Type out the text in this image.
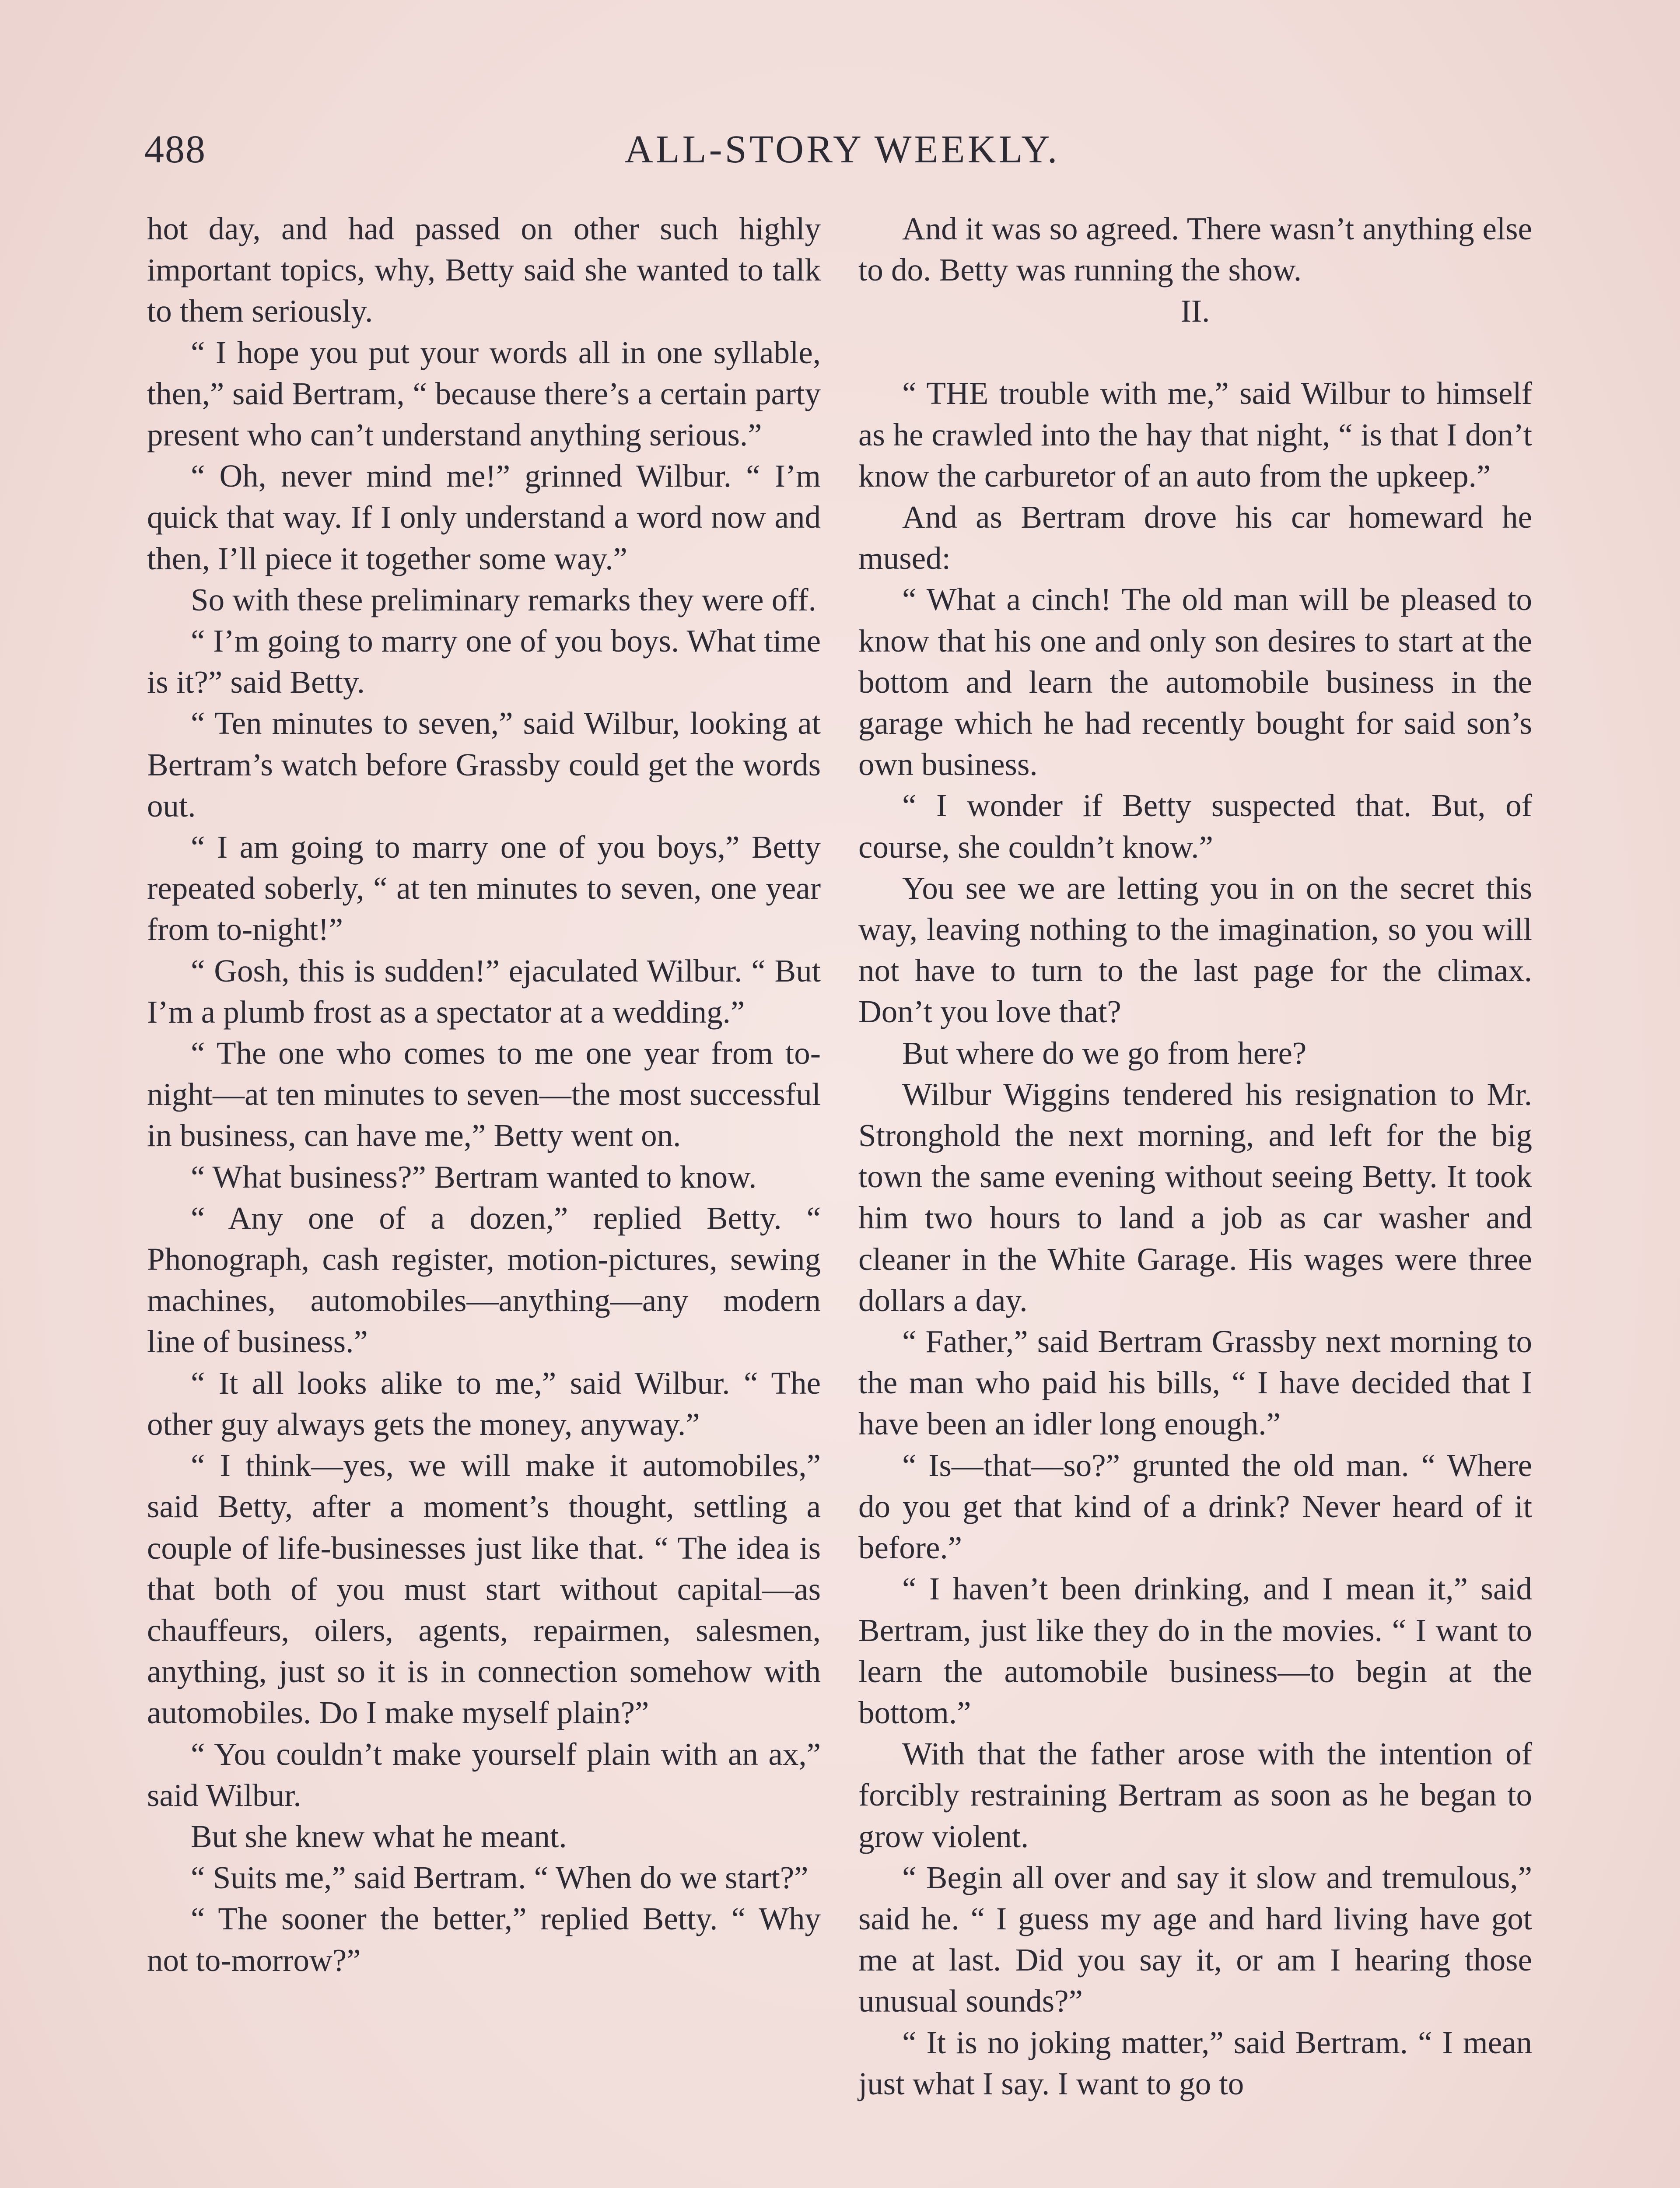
488	ALL-STORY WEEKLY.

hot day, and had passed on other such highly important topics, why, Betty said she wanted to talk to them seriously.

“ I hope you put your words all in one syllable, then,” said Bertram, “ because there’s a certain party present who can’t understand anything serious.”

“ Oh, never mind me!” grinned Wilbur. “ I’m quick that way. If I only understand a word now and then, I’ll piece it together some way.”

So with these preliminary remarks they were off.

“ I’m going to marry one of you boys. What time is it?” said Betty.

“ Ten minutes to seven,” said Wilbur, looking at Bertram’s watch before Grassby could get the words out.

“ I am going to marry one of you boys,” Betty repeated soberly, “ at ten minutes to seven, one year from to-night!”

“ Gosh, this is sudden!” ejaculated Wilbur. “ But I’m a plumb frost as a spectator at a wedding.”

“ The one who comes to me one year from to-night—at ten minutes to seven—the most successful in business, can have me,” Betty went on.

“ What business?” Bertram wanted to know.

“ Any one of a dozen,” replied Betty. “ Phonograph, cash register, motion-pictures, sewing machines, automobiles—anything—any modern line of business.”

“ It all looks alike to me,” said Wilbur. “ The other guy always gets the money, anyway.”

“ I think—yes, we will make it automobiles,” said Betty, after a moment’s thought, settling a couple of life-businesses just like that. “ The idea is that both of you must start without capital—as chauffeurs, oilers, agents, repairmen, salesmen, anything, just so it is in connection somehow with automobiles. Do I make myself plain?”

“ You couldn’t make yourself plain with an ax,” said Wilbur.

But she knew what he meant.

“ Suits me,” said Bertram. “ When do we start?”

“ The sooner the better,” replied Betty. “ Why not to-morrow?”

And it was so agreed. There wasn’t anything else to do. Betty was running the show.

II.

“ THE trouble with me,” said Wilbur to himself as he crawled into the hay that night, “ is that I don’t know the carburetor of an auto from the upkeep.”

And as Bertram drove his car homeward he mused:

“ What a cinch! The old man will be pleased to know that his one and only son desires to start at the bottom and learn the automobile business in the garage which he had recently bought for said son’s own business.

“ I wonder if Betty suspected that. But, of course, she couldn’t know.”

You see we are letting you in on the secret this way, leaving nothing to the imagination, so you will not have to turn to the last page for the climax. Don’t you love that?

But where do we go from here?

Wilbur Wiggins tendered his resignation to Mr. Stronghold the next morning, and left for the big town the same evening without seeing Betty. It took him two hours to land a job as car washer and cleaner in the White Garage. His wages were three dollars a day.

“ Father,” said Bertram Grassby next morning to the man who paid his bills, “ I have decided that I have been an idler long enough.”

“ Is—that—so?” grunted the old man. “ Where do you get that kind of a drink? Never heard of it before.”

“ I haven’t been drinking, and I mean it,” said Bertram, just like they do in the movies. “ I want to learn the automobile business—to begin at the bottom.”

With that the father arose with the intention of forcibly restraining Bertram as soon as he began to grow violent.

“ Begin all over and say it slow and tremulous,” said he. “ I guess my age and hard living have got me at last. Did you say it, or am I hearing those unusual sounds?”

“ It is no joking matter,” said Bertram. “ I mean just what I say. I want to go to
